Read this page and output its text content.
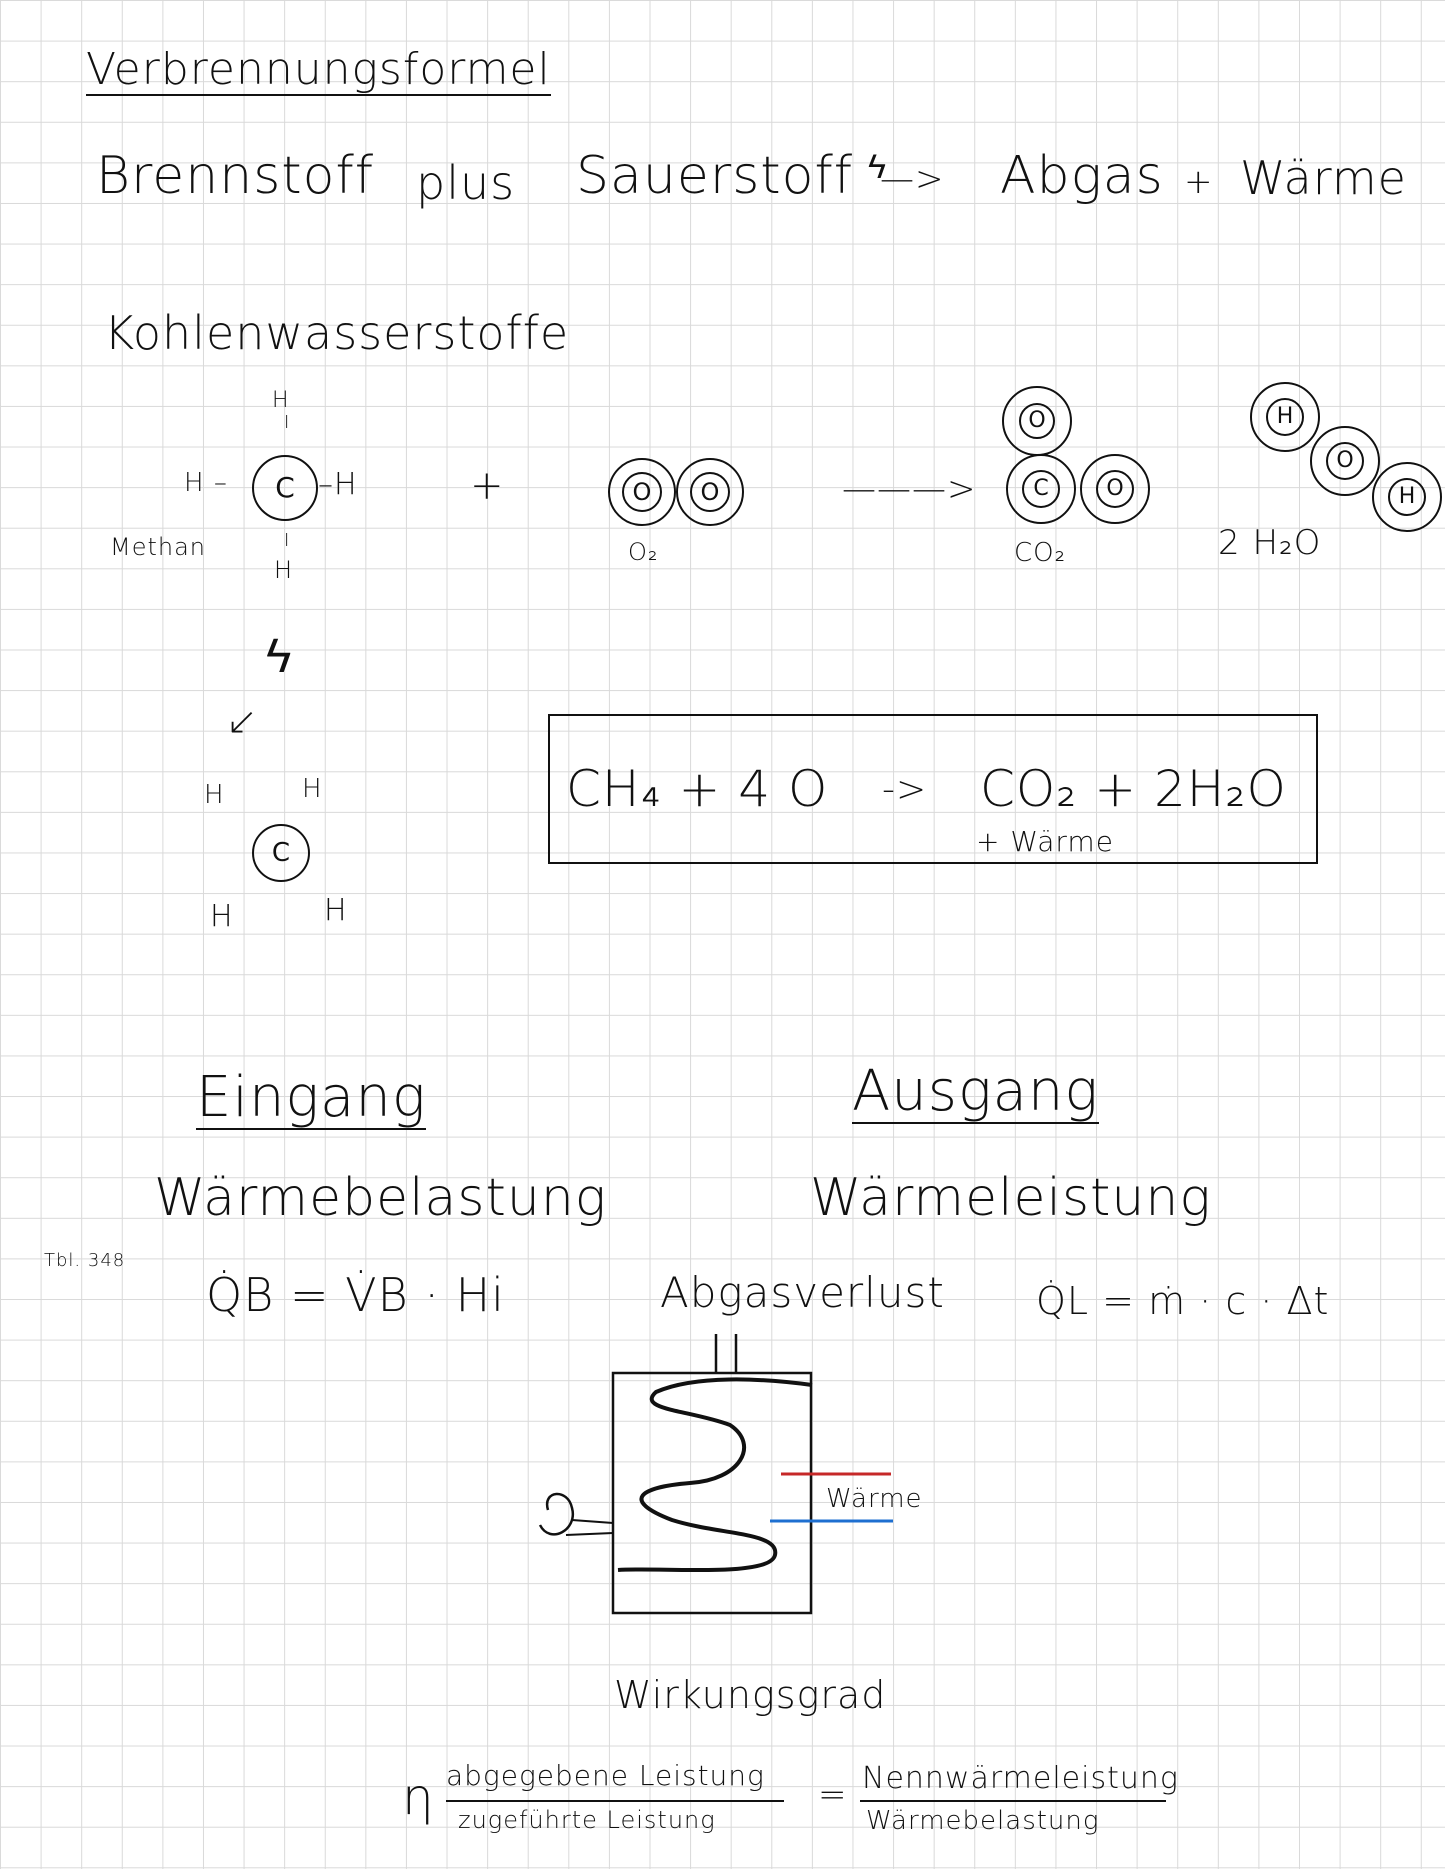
Verbrennungsformel
Brennstoff plus Sauerstoff ϟ
—> Abgas + Wärme
Kohlenwasserstoffe
H
I
H – C –H
Methan	I
H
+	O O
O₂
———>
O
C	O
CO₂
H
O
H
2 H₂O
ϟ
↙
H	H
C
H	H
CH₄ + 4 O -> CO₂ + 2H₂O
+ Wärme
Eingang
Wärmebelastung
Tbl. 348
Q̇B = V̇B · Hi
Ausgang
Wärmeleistung
Q̇L = ṁ · c · Δt
Abgasverlust
Wärme
Wirkungsgrad
η abgegebene Leistung
zugeführte Leistung
= Nennwärmeleistung
Wärmebelastung
